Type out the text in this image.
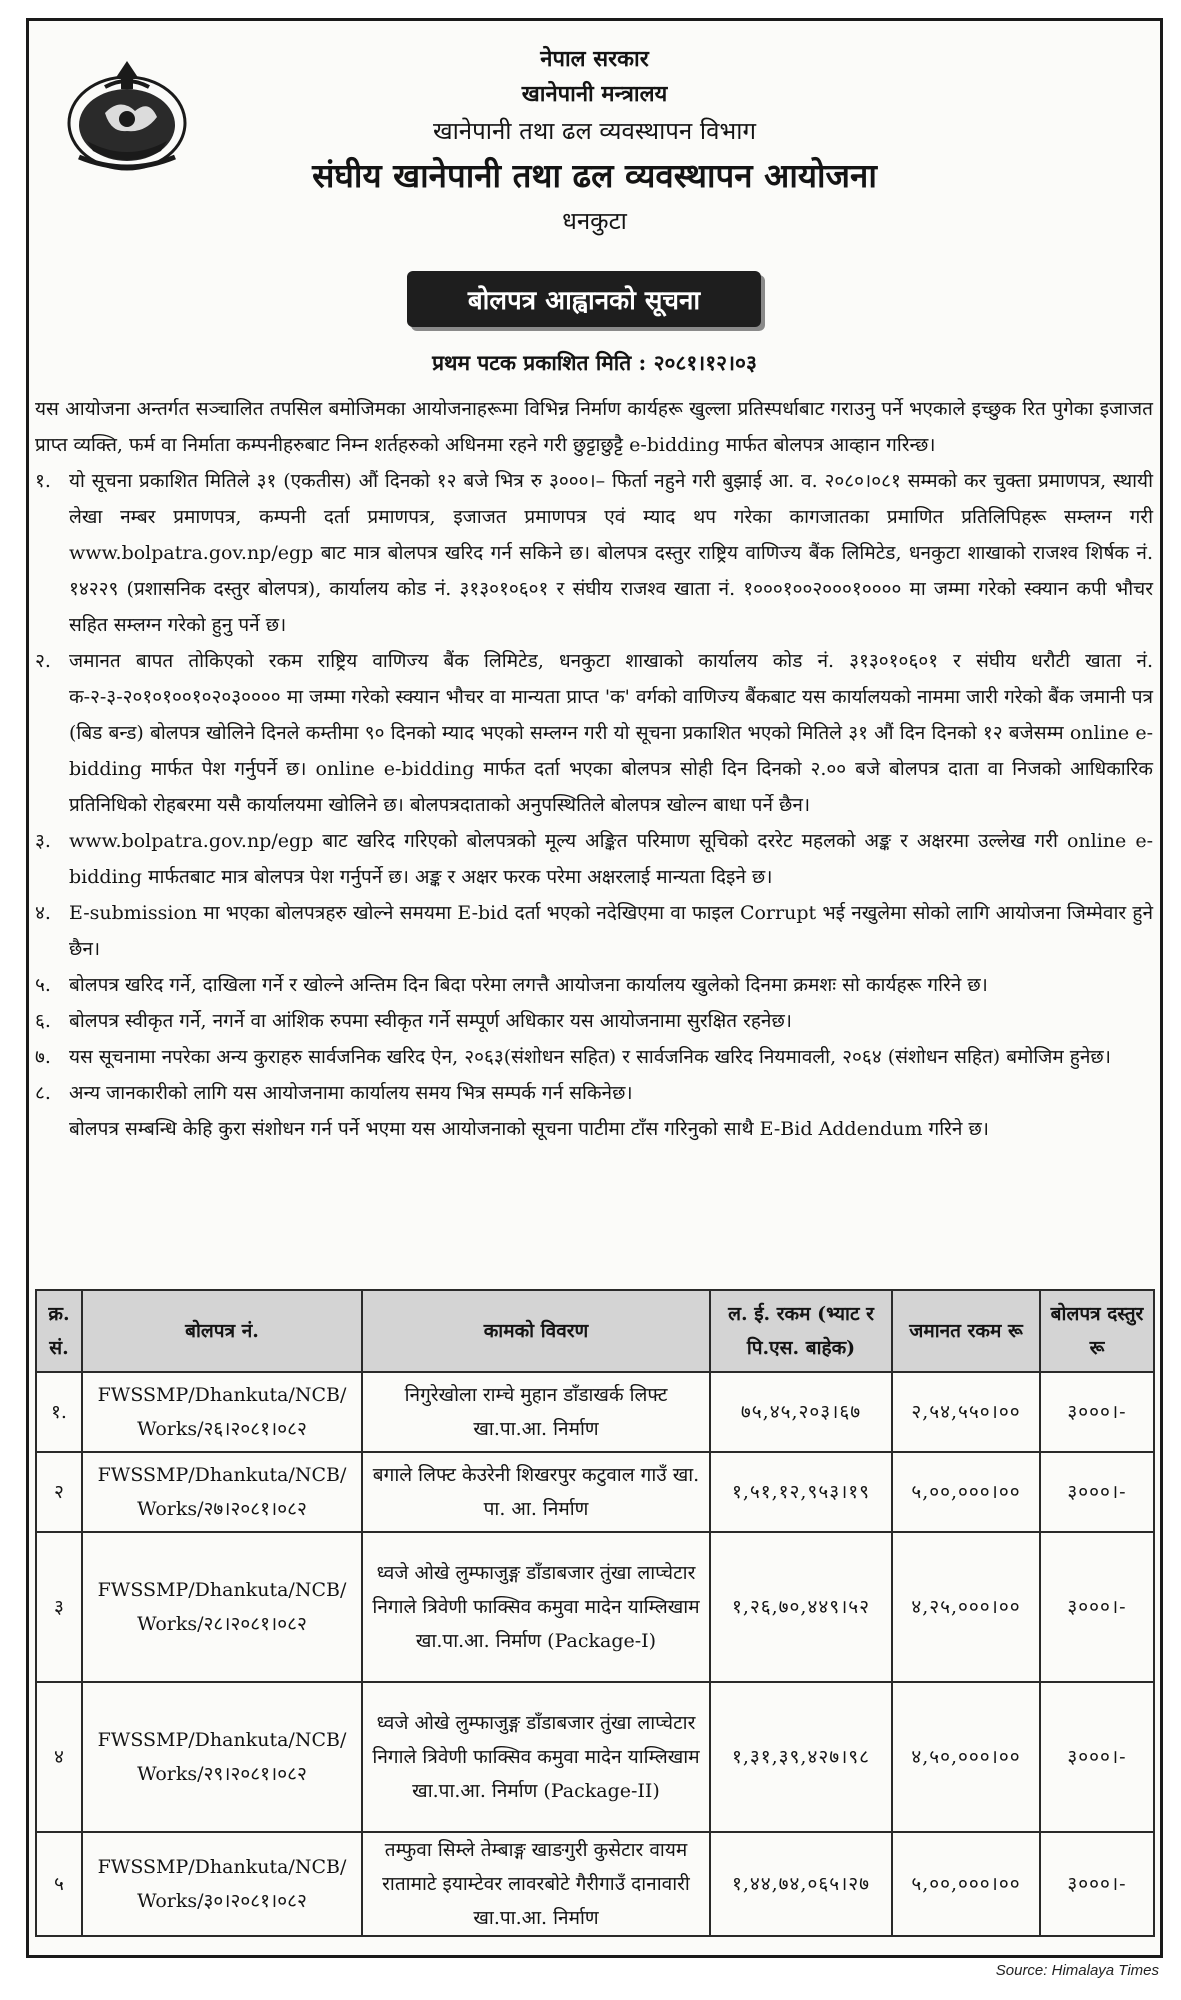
नेपाल सरकार
खानेपानी मन्त्रालय
खानेपानी तथा ढल व्यवस्थापन विभाग
संघीय खानेपानी तथा ढल व्यवस्थापन आयोजना
धनकुटा
बोलपत्र आह्वानको सूचना
प्रथम पटक प्रकाशित मिति : २०८१।१२।०३

यस आयोजना अन्तर्गत सञ्चालित तपसिल बमोजिमका आयोजनाहरूमा विभिन्न निर्माण कार्यहरू खुल्ला प्रतिस्पर्धाबाट गराउनु पर्ने भएकाले इच्छुक रित पुगेका इजाजत प्राप्त व्यक्ति, फर्म वा निर्माता कम्पनीहरुबाट निम्न शर्तहरुको अधिनमा रहने गरी छुट्टाछुट्टै e-bidding मार्फत बोलपत्र आव्हान गरिन्छ।

१. यो सूचना प्रकाशित मितिले ३१ (एकतीस) औं दिनको १२ बजे भित्र रु ३०००।– फिर्ता नहुने गरी बुझाई आ. व. २०८०।०८१ सम्मको कर चुक्ता प्रमाणपत्र, स्थायी लेखा नम्बर प्रमाणपत्र, कम्पनी दर्ता प्रमाणपत्र, इजाजत प्रमाणपत्र एवं म्याद थप गरेका कागजातका प्रमाणित प्रतिलिपिहरू सम्लग्न गरी www.bolpatra.gov.np/egp बाट मात्र बोलपत्र खरिद गर्न सकिने छ। बोलपत्र दस्तुर राष्ट्रिय वाणिज्य बैंक लिमिटेड, धनकुटा शाखाको राजश्व शिर्षक नं. १४२२९ (प्रशासनिक दस्तुर बोलपत्र), कार्यालय कोड नं. ३१३०१०६०१ र संघीय राजश्व खाता नं. १०००१००२०००१०००० मा जम्मा गरेको स्क्यान कपी भौचर सहित सम्लग्न गरेको हुनु पर्ने छ।
२. जमानत बापत तोकिएको रकम राष्ट्रिय वाणिज्य बैंक लिमिटेड, धनकुटा शाखाको कार्यालय कोड नं. ३१३०१०६०१ र संघीय धरौटी खाता नं. क-२-३-२०१०१००१०२०३०००० मा जम्मा गरेको स्क्यान भौचर वा मान्यता प्राप्त 'क' वर्गको वाणिज्य बैंकबाट यस कार्यालयको नाममा जारी गरेको बैंक जमानी पत्र (बिड बन्ड) बोलपत्र खोलिने दिनले कम्तीमा ९० दिनको म्याद भएको सम्लग्न गरी यो सूचना प्रकाशित भएको मितिले ३१ औं दिन दिनको १२ बजेसम्म online e-bidding मार्फत पेश गर्नुपर्ने छ। online e-bidding मार्फत दर्ता भएका बोलपत्र सोही दिन दिनको २.०० बजे बोलपत्र दाता वा निजको आधिकारिक प्रतिनिधिको रोहबरमा यसै कार्यालयमा खोलिने छ। बोलपत्रदाताको अनुपस्थितिले बोलपत्र खोल्न बाधा पर्ने छैन।
३. www.bolpatra.gov.np/egp बाट खरिद गरिएको बोलपत्रको मूल्य अङ्कित परिमाण सूचिको दररेट महलको अङ्क र अक्षरमा उल्लेख गरी online e-bidding मार्फतबाट मात्र बोलपत्र पेश गर्नुपर्ने छ। अङ्क र अक्षर फरक परेमा अक्षरलाई मान्यता दिइने छ।
४. E-submission मा भएका बोलपत्रहरु खोल्ने समयमा E-bid दर्ता भएको नदेखिएमा वा फाइल Corrupt भई नखुलेमा सोको लागि आयोजना जिम्मेवार हुने छैन।
५. बोलपत्र खरिद गर्ने, दाखिला गर्ने र खोल्ने अन्तिम दिन बिदा परेमा लगत्तै आयोजना कार्यालय खुलेको दिनमा क्रमशः सो कार्यहरू गरिने छ।
६. बोलपत्र स्वीकृत गर्ने, नगर्ने वा आंशिक रुपमा स्वीकृत गर्ने सम्पूर्ण अधिकार यस आयोजनामा सुरक्षित रहनेछ।
७. यस सूचनामा नपरेका अन्य कुराहरु सार्वजनिक खरिद ऐन, २०६३(संशोधन सहित) र सार्वजनिक खरिद नियमावली, २०६४ (संशोधन सहित) बमोजिम हुनेछ।
८. अन्य जानकारीको लागि यस आयोजनामा कार्यालय समय भित्र सम्पर्क गर्न सकिनेछ।

बोलपत्र सम्बन्धि केहि कुरा संशोधन गर्न पर्ने भएमा यस आयोजनाको सूचना पाटीमा टाँस गरिनुको साथै E-Bid Addendum गरिने छ।

क्र. सं.	बोलपत्र नं.	कामको विवरण	ल. ई. रकम (भ्याट र पि.एस. बाहेक)	जमानत रकम रू	बोलपत्र दस्तुर रू
१.	FWSSMP/Dhankuta/NCB/ Works/२६।२०८१।०८२	निगुरेखोला राम्चे मुहान डाँडाखर्क लिफ्ट खा.पा.आ. निर्माण	७५,४५,२०३।६७	२,५४,५५०।००	३०००।-
२	FWSSMP/Dhankuta/NCB/ Works/२७।२०८१।०८२	बगाले लिफ्ट केउरेनी शिखरपुर कटुवाल गाउँ खा. पा. आ. निर्माण	१,५१,१२,९५३।१९	५,००,०००।००	३०००।-
३	FWSSMP/Dhankuta/NCB/ Works/२८।२०८१।०८२	ध्वजे ओखे लुम्फाजुङ्ग डाँडाबजार तुंखा लाप्चेटार निगाले त्रिवेणी फाक्सिव कमुवा मादेन याम्लिखाम खा.पा.आ. निर्माण (Package-I)	१,२६,७०,४४९।५२	४,२५,०००।००	३०००।-
४	FWSSMP/Dhankuta/NCB/ Works/२९।२०८१।०८२	ध्वजे ओखे लुम्फाजुङ्ग डाँडाबजार तुंखा लाप्चेटार निगाले त्रिवेणी फाक्सिव कमुवा मादेन याम्लिखाम खा.पा.आ. निर्माण (Package-II)	१,३१,३९,४२७।९८	४,५०,०००।००	३०००।-
५	FWSSMP/Dhankuta/NCB/ Works/३०।२०८१।०८२	तम्फुवा सिम्ले तेम्बाङ्ग खाङगुरी कुसेटार वायम रातामाटे इयाम्टेवर लावरबोटे गैरीगाउँ दानावारी खा.पा.आ. निर्माण	१,४४,७४,०६५।२७	५,००,०००।००	३०००।-
Source: Himalaya Times
